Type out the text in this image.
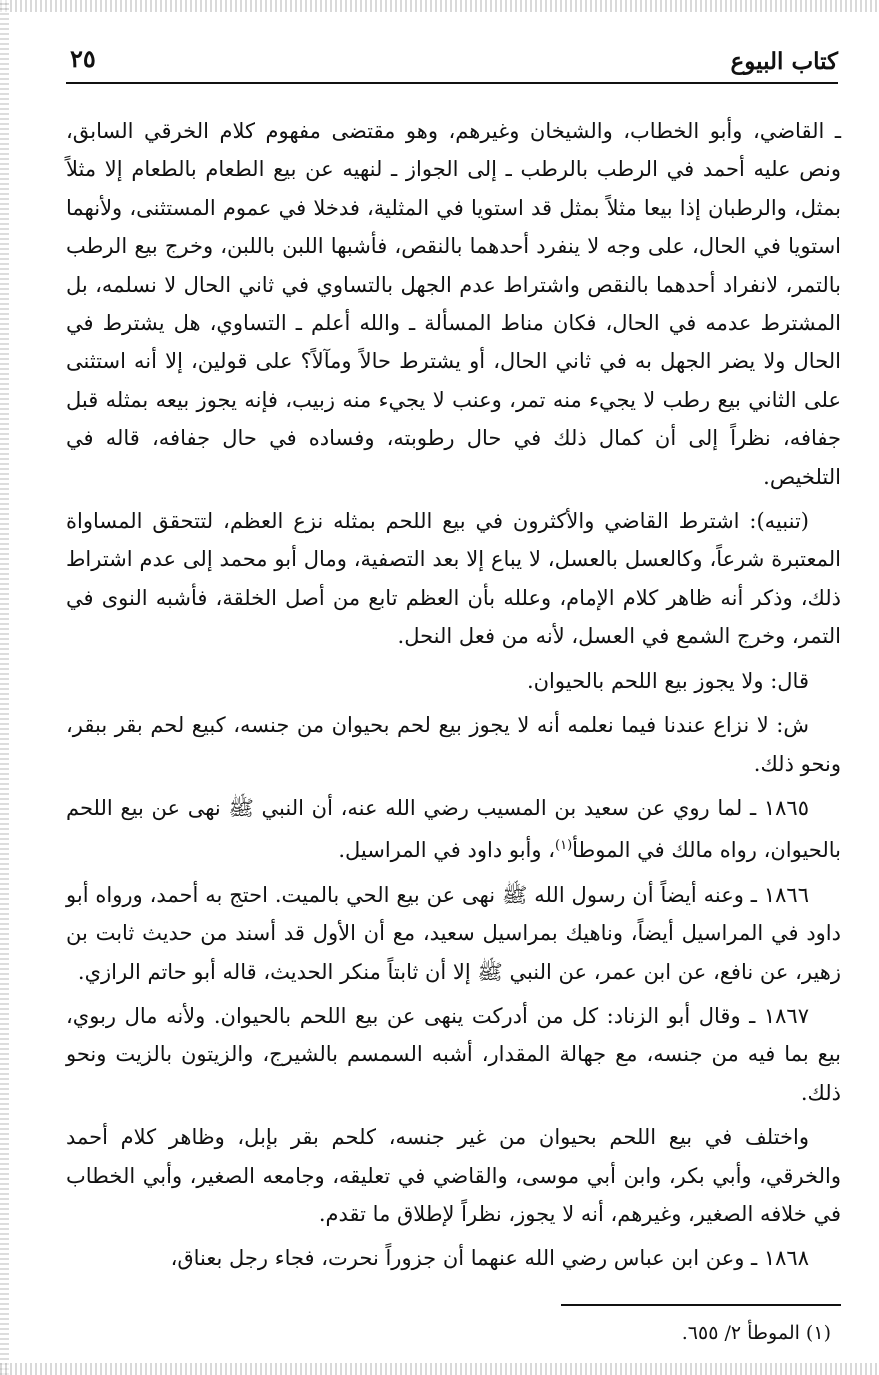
كتاب البيوع
٢٥

ـ القاضي، وأبو الخطاب، والشيخان وغيرهم، وهو مقتضى مفهوم كلام الخرقي السابق، ونص عليه أحمد في الرطب بالرطب ـ إلى الجواز ـ لنهيه عن بيع الطعام بالطعام إلا مثلاً بمثل، والرطبان إذا بيعا مثلاً بمثل قد استويا في المثلية، فدخلا في عموم المستثنى، ولأنهما استويا في الحال، على وجه لا ينفرد أحدهما بالنقص، فأشبها اللبن باللبن، وخرج بيع الرطب بالتمر، لانفراد أحدهما بالنقص واشتراط عدم الجهل بالتساوي في ثاني الحال لا نسلمه، بل المشترط عدمه في الحال، فكان مناط المسألة ـ والله أعلم ـ التساوي، هل يشترط في الحال ولا يضر الجهل به في ثاني الحال، أو يشترط حالاً ومآلاً؟ على قولين، إلا أنه استثنى على الثاني بيع رطب لا يجيء منه تمر، وعنب لا يجيء منه زبيب، فإنه يجوز بيعه بمثله قبل جفافه، نظراً إلى أن كمال ذلك في حال رطوبته، وفساده في حال جفافه، قاله في التلخيص.

(تنبيه): اشترط القاضي والأكثرون في بيع اللحم بمثله نزع العظم، لتتحقق المساواة المعتبرة شرعاً، وكالعسل بالعسل، لا يباع إلا بعد التصفية، ومال أبو محمد إلى عدم اشتراط ذلك، وذكر أنه ظاهر كلام الإمام، وعلله بأن العظم تابع من أصل الخلقة، فأشبه النوى في التمر، وخرج الشمع في العسل، لأنه من فعل النحل.

قال: ولا يجوز بيع اللحم بالحيوان.

ش: لا نزاع عندنا فيما نعلمه أنه لا يجوز بيع لحم بحيوان من جنسه، كبيع لحم بقر ببقر، ونحو ذلك.

١٨٦٥ ـ لما روي عن سعيد بن المسيب رضي الله عنه، أن النبي ﷺ نهى عن بيع اللحم بالحيوان، رواه مالك في الموطأ$^{(١)}$، وأبو داود في المراسيل.

١٨٦٦ ـ وعنه أيضاً أن رسول الله ﷺ نهى عن بيع الحي بالميت. احتج به أحمد، ورواه أبو داود في المراسيل أيضاً، وناهيك بمراسيل سعيد، مع أن الأول قد أسند من حديث ثابت بن زهير، عن نافع، عن ابن عمر، عن النبي ﷺ إلا أن ثابتاً منكر الحديث، قاله أبو حاتم الرازي.

١٨٦٧ ـ وقال أبو الزناد: كل من أدركت ينهى عن بيع اللحم بالحيوان. ولأنه مال ربوي، بيع بما فيه من جنسه، مع جهالة المقدار، أشبه السمسم بالشيرج، والزيتون بالزيت ونحو ذلك.

واختلف في بيع اللحم بحيوان من غير جنسه، كلحم بقر بإبل، وظاهر كلام أحمد والخرقي، وأبي بكر، وابن أبي موسى، والقاضي في تعليقه، وجامعه الصغير، وأبي الخطاب في خلافه الصغير، وغيرهم، أنه لا يجوز، نظراً لإطلاق ما تقدم.

١٨٦٨ ـ وعن ابن عباس رضي الله عنهما أن جزوراً نحرت، فجاء رجل بعناق،

(١) الموطأ ٢/ ٦٥٥.
